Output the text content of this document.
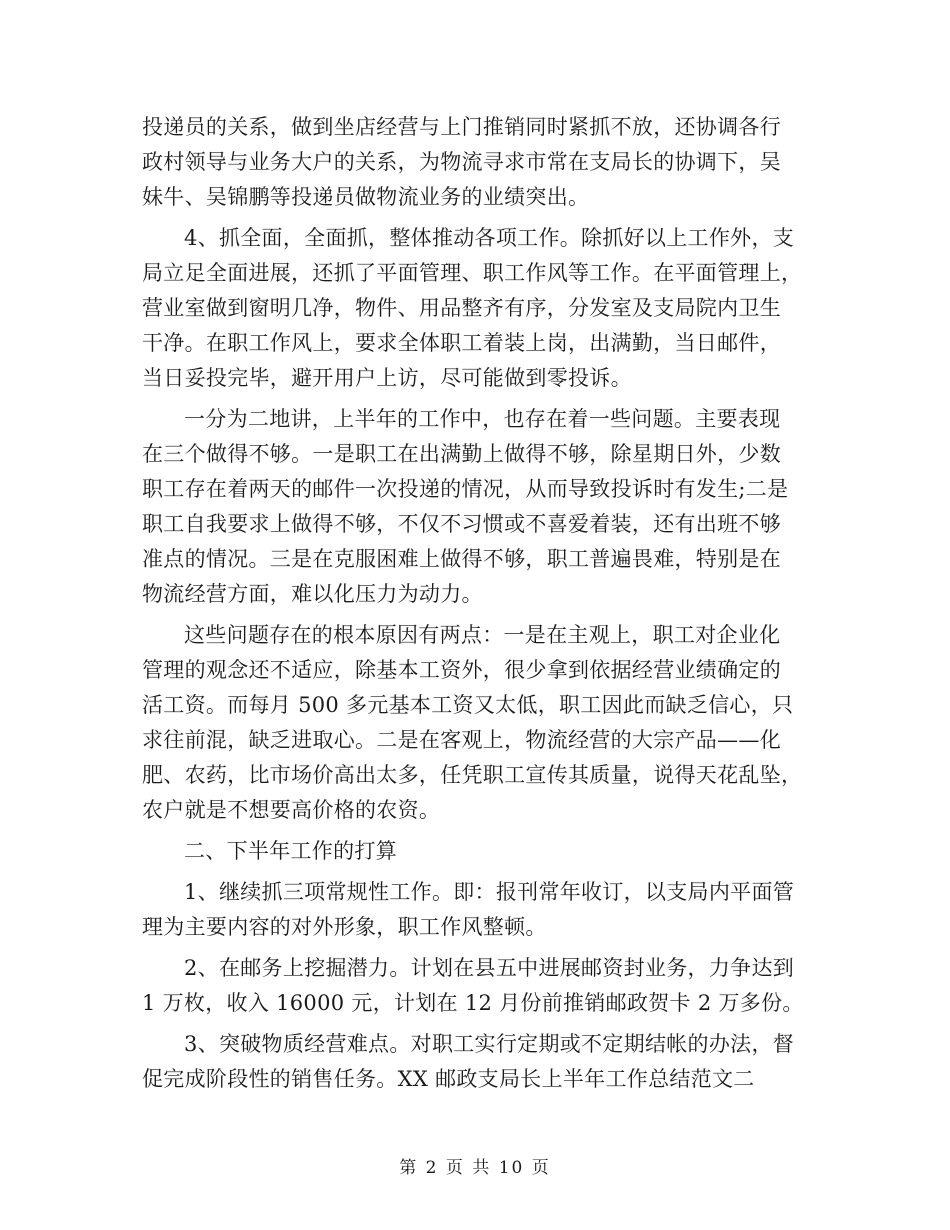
投递员的关系，做到坐店经营与上门推销同时紧抓不放，还协调各行
政村领导与业务大户的关系，为物流寻求市常在支局长的协调下，吴
妹牛、吴锦鹏等投递员做物流业务的业绩突出。
4、抓全面，全面抓，整体推动各项工作。除抓好以上工作外，支
局立足全面进展，还抓了平面管理、职工作风等工作。在平面管理上，
营业室做到窗明几净，物件、用品整齐有序，分发室及支局院内卫生
干净。在职工作风上，要求全体职工着装上岗，出满勤，当日邮件，
当日妥投完毕，避开用户上访，尽可能做到零投诉。
一分为二地讲，上半年的工作中，也存在着一些问题。主要表现
在三个做得不够。一是职工在出满勤上做得不够，除星期日外，少数
职工存在着两天的邮件一次投递的情况，从而导致投诉时有发生;二是
职工自我要求上做得不够，不仅不习惯或不喜爱着装，还有出班不够
准点的情况。三是在克服困难上做得不够，职工普遍畏难，特别是在
物流经营方面，难以化压力为动力。
这些问题存在的根本原因有两点：一是在主观上，职工对企业化
管理的观念还不适应，除基本工资外，很少拿到依据经营业绩确定的
活工资。而每月 500 多元基本工资又太低，职工因此而缺乏信心，只
求往前混，缺乏进取心。二是在客观上，物流经营的大宗产品——化
肥、农药，比市场价高出太多，任凭职工宣传其质量，说得天花乱坠，
农户就是不想要高价格的农资。
二、下半年工作的打算
1、继续抓三项常规性工作。即：报刊常年收订，以支局内平面管
理为主要内容的对外形象，职工作风整顿。
2、在邮务上挖掘潜力。计划在县五中进展邮资封业务，力争达到
1 万枚，收入 16000 元，计划在 12 月份前推销邮政贺卡 2 万多份。
3、突破物质经营难点。对职工实行定期或不定期结帐的办法，督
促完成阶段性的销售任务。XX 邮政支局长上半年工作总结范文二
第 2 页 共 10 页
